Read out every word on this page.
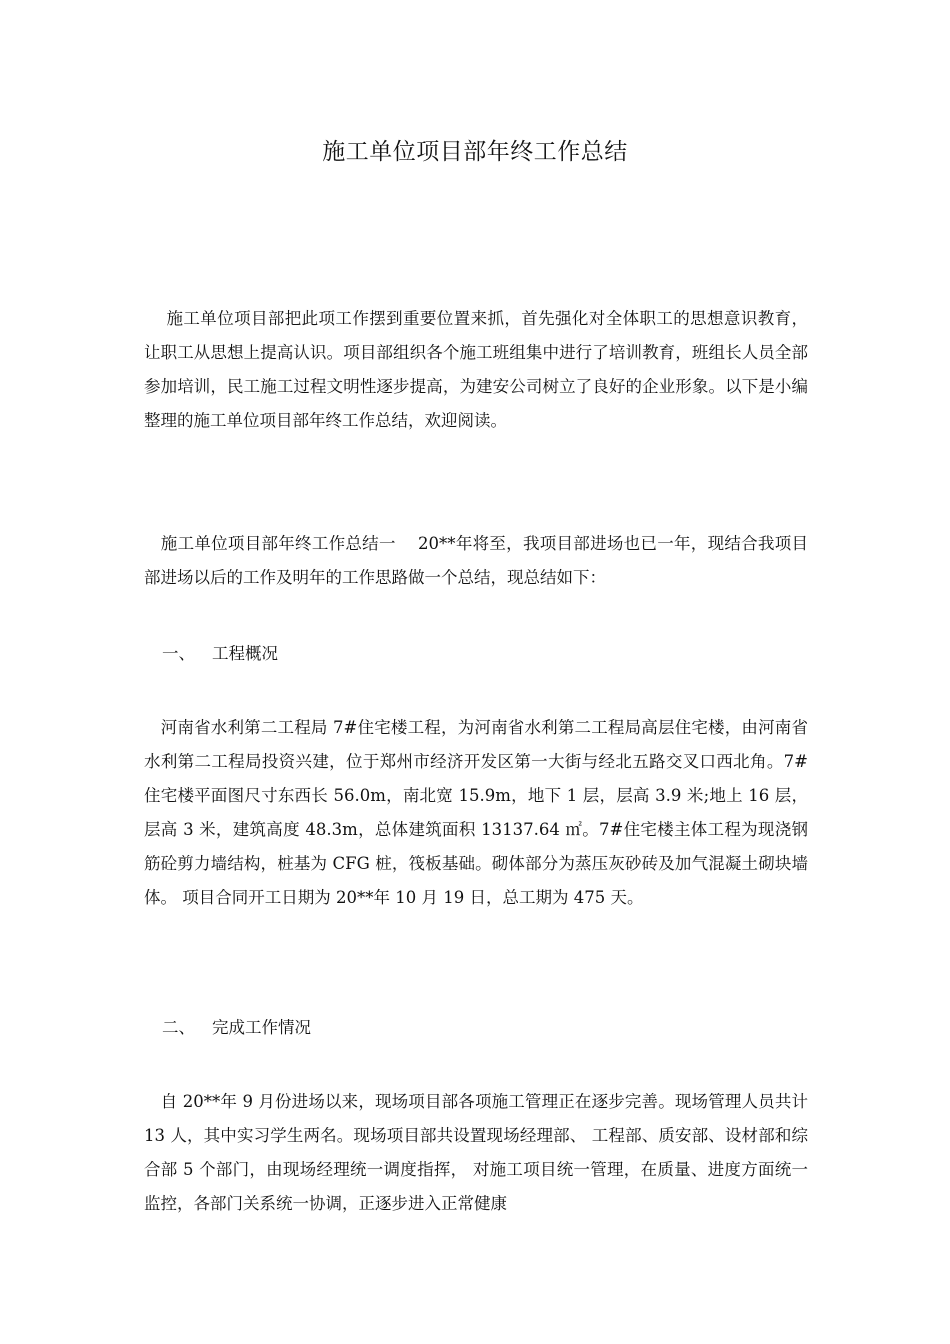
施工单位项目部年终工作总结

　 施工单位项目部把此项工作摆到重要位置来抓，首先强化对全体职工的思想意识教育，让职工从思想上提高认识。项目部组织各个施工班组集中进行了培训教育，班组长人员全部参加培训，民工施工过程文明性逐步提高，为建安公司树立了良好的企业形象。以下是小编整理的施工单位项目部年终工作总结，欢迎阅读。

　施工单位项目部年终工作总结一　 20**年将至，我项目部进场也已一年，现结合我项目部进场以后的工作及明年的工作思路做一个总结，现总结如下：

一、 工程概况

　河南省水利第二工程局 7#住宅楼工程，为河南省水利第二工程局高层住宅楼，由河南省水利第二工程局投资兴建，位于郑州市经济开发区第一大街与经北五路交叉口西北角。7#住宅楼平面图尺寸东西长 56.0m，南北宽 15.9m，地下 1 层，层高 3.9 米;地上 16 层，层高 3 米，建筑高度 48.3m，总体建筑面积 13137.64 ㎡。7#住宅楼主体工程为现浇钢筋砼剪力墙结构，桩基为 CFG 桩，筏板基础。砌体部分为蒸压灰砂砖及加气混凝土砌块墙体。 项目合同开工日期为 20**年 10 月 19 日，总工期为 475 天。

二、 完成工作情况

　自 20**年 9 月份进场以来，现场项目部各项施工管理正在逐步完善。现场管理人员共计 13 人，其中实习学生两名。现场项目部共设置现场经理部、 工程部、质安部、设材部和综合部 5 个部门，由现场经理统一调度指挥， 对施工项目统一管理，在质量、进度方面统一监控，各部门关系统一协调，正逐步进入正常健康
